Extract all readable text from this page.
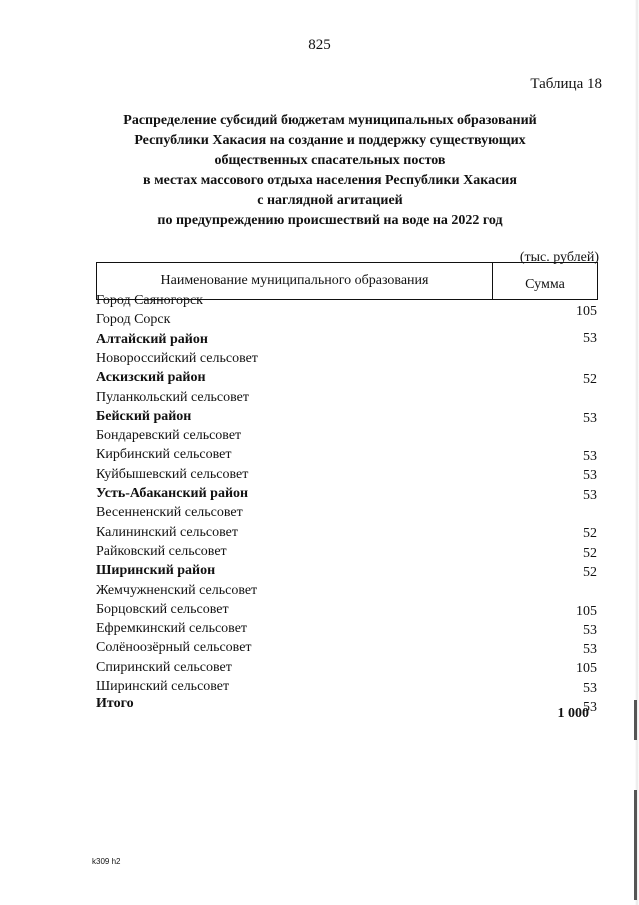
825
Таблица 18
Распределение субсидий бюджетам муниципальных образований
Республики Хакасия на создание и поддержку существующих
общественных спасательных постов
в местах массового отдыха населения Республики Хакасия
с наглядной агитацией
по предупреждению происшествий на воде на 2022 год
(тыс. рублей)
Наименование муниципального образования	Сумма
Город Саяногорск
105
Город Сорск
53
Алтайский район
Новороссийский сельсовет
52
Аскизский район
Пуланкольский сельсовет
53
Бейский район
Бондаревский сельсовет
53
Кирбинский сельсовет
53
Куйбышевский сельсовет
53
Усть-Абаканский район
Весенненский сельсовет
52
Калининский сельсовет
52
Райковский сельсовет
52
Ширинский район
Жемчужненский сельсовет
105
Борцовский сельсовет
53
Ефремкинский сельсовет
53
Солёноозёрный сельсовет
105
Спиринский сельсовет
53
Ширинский сельсовет
53
Итого
1 000
k309 h2
